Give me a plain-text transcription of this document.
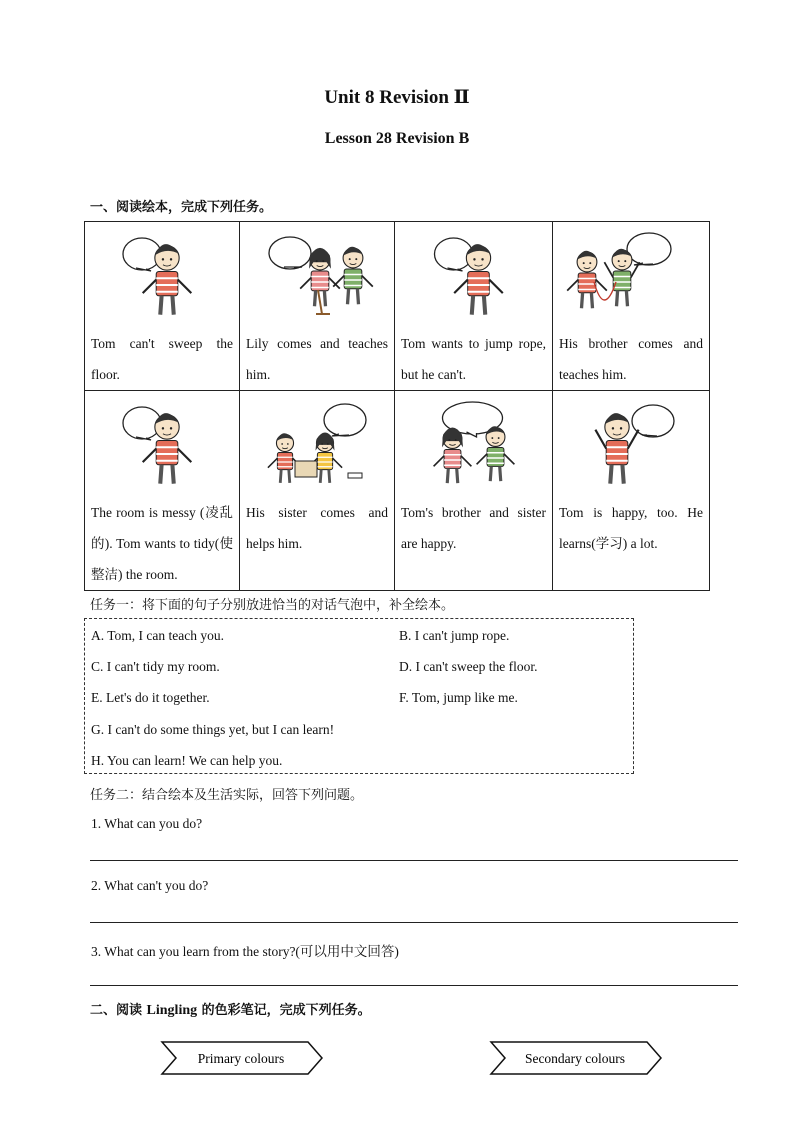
Unit 8 Revision Ⅱ
Lesson 28 Revision B
一、阅读绘本，完成下列任务。
Tom can't sweep the floor.	Lily comes and teaches him.	Tom wants to jump rope, but he can't.	His brother comes and teaches him.

The room is messy (凌乱的). Tom wants to tidy(使整洁) the room.	His sister comes and helps him.	Tom's brother and sister are happy.	Tom is happy, too. He learns(学习) a lot.
任务一：将下面的句子分别放进恰当的对话气泡中，补全绘本。
A. Tom, I can teach you.	B. I can't jump rope.
C. I can't tidy my room.	D. I can't sweep the floor.
E. Let's do it together.	F. Tom, jump like me.
G. I can't do some things yet, but I can learn!
H. You can learn! We can help you.
任务二：结合绘本及生活实际，回答下列问题。
1. What can you do?
2. What can't you do?
3. What can you learn from the story?(可以用中文回答)
二、阅读 Lingling 的色彩笔记，完成下列任务。
Primary colours	Secondary colours
